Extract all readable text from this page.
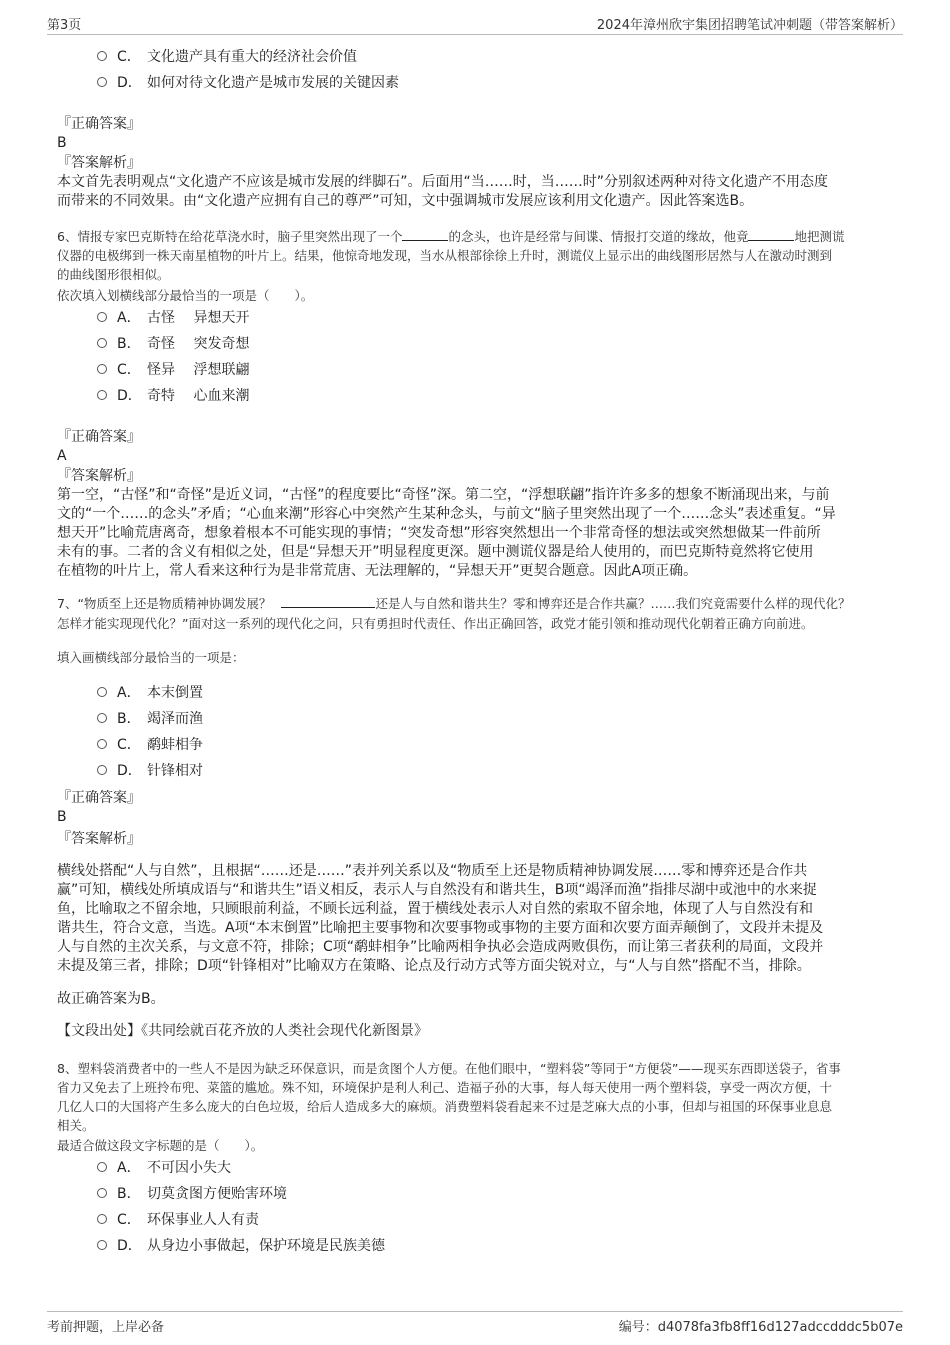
第3页	2024年漳州欣宇集团招聘笔试冲刺题（带答案解析）
C． 文化遗产具有重大的经济社会价值
D． 如何对待文化遗产是城市发展的关键因素
『正确答案』
B
『答案解析』
本文首先表明观点“文化遗产不应该是城市发展的绊脚石”。后面用“当……时，当……时”分别叙述两种对待文化遗产不用态度
而带来的不同效果。由“文化遗产应拥有自己的尊严”可知，文中强调城市发展应该利用文化遗产。因此答案选B。
6、情报专家巴克斯特在给花草浇水时，脑子里突然出现了一个	的念头，也许是经常与间谍、情报打交道的缘故，他竟	地把测谎
仪器的电极绑到一株天南星植物的叶片上。结果，他惊奇地发现，当水从根部徐徐上升时，测谎仪上显示出的曲线图形居然与人在激动时测到
的曲线图形很相似。
依次填入划横线部分最恰当的一项是（　　）。
A． 古怪　 异想天开
B． 奇怪　 突发奇想
C． 怪异　 浮想联翩
D． 奇特　 心血来潮
『正确答案』
A
『答案解析』
第一空，“古怪”和“奇怪”是近义词，“古怪”的程度要比“奇怪”深。第二空，“浮想联翩”指许许多多的想象不断涌现出来，与前
文的“一个……的念头”矛盾；“心血来潮”形容心中突然产生某种念头，与前文“脑子里突然出现了一个……念头”表述重复。“异
想天开”比喻荒唐离奇，想象着根本不可能实现的事情；“突发奇想”形容突然想出一个非常奇怪的想法或突然想做某一件前所
未有的事。二者的含义有相似之处，但是“异想天开”明显程度更深。题中测谎仪器是给人使用的，而巴克斯特竟然将它使用
在植物的叶片上，常人看来这种行为是非常荒唐、无法理解的，“异想天开”更契合题意。因此A项正确。
7、“物质至上还是物质精神协调发展？	还是人与自然和谐共生？零和博弈还是合作共赢？……我们究竟需要什么样的现代化？
怎样才能实现现代化？”面对这一系列的现代化之问，只有勇担时代责任、作出正确回答，政党才能引领和推动现代化朝着正确方向前进。
填入画横线部分最恰当的一项是：
A． 本末倒置
B． 竭泽而渔
C． 鹬蚌相争
D． 针锋相对
『正确答案』
B
『答案解析』
横线处搭配“人与自然”，且根据“……还是……”表并列关系以及“物质至上还是物质精神协调发展……零和博弈还是合作共
赢”可知，横线处所填成语与“和谐共生”语义相反，表示人与自然没有和谐共生，B项“竭泽而渔”指排尽湖中或池中的水来捉
鱼，比喻取之不留余地，只顾眼前利益，不顾长远利益，置于横线处表示人对自然的索取不留余地，体现了人与自然没有和
谐共生，符合文意，当选。A项“本末倒置”比喻把主要事物和次要事物或事物的主要方面和次要方面弄颠倒了，文段并未提及
人与自然的主次关系，与文意不符，排除；C项“鹬蚌相争”比喻两相争执必会造成两败俱伤，而让第三者获利的局面，文段并
未提及第三者，排除；D项“针锋相对”比喻双方在策略、论点及行动方式等方面尖锐对立，与“人与自然”搭配不当，排除。
故正确答案为B。
【文段出处】《共同绘就百花齐放的人类社会现代化新图景》
8、塑料袋消费者中的一些人不是因为缺乏环保意识，而是贪图个人方便。在他们眼中，“塑料袋”等同于“方便袋”——现买东西即送袋子，省事
省力又免去了上班拎布兜、菜篮的尴尬。殊不知，环境保护是利人利己、造福子孙的大事，每人每天使用一两个塑料袋，享受一两次方便，十
几亿人口的大国将产生多么庞大的白色垃圾，给后人造成多大的麻烦。消费塑料袋看起来不过是芝麻大点的小事，但却与祖国的环保事业息息
相关。
最适合做这段文字标题的是（　　）。
A． 不可因小失大
B． 切莫贪图方便贻害环境
C． 环保事业人人有责
D． 从身边小事做起，保护环境是民族美德
考前押题，上岸必备	编号：d4078fa3fb8ff16d127adccdddc5b07e
